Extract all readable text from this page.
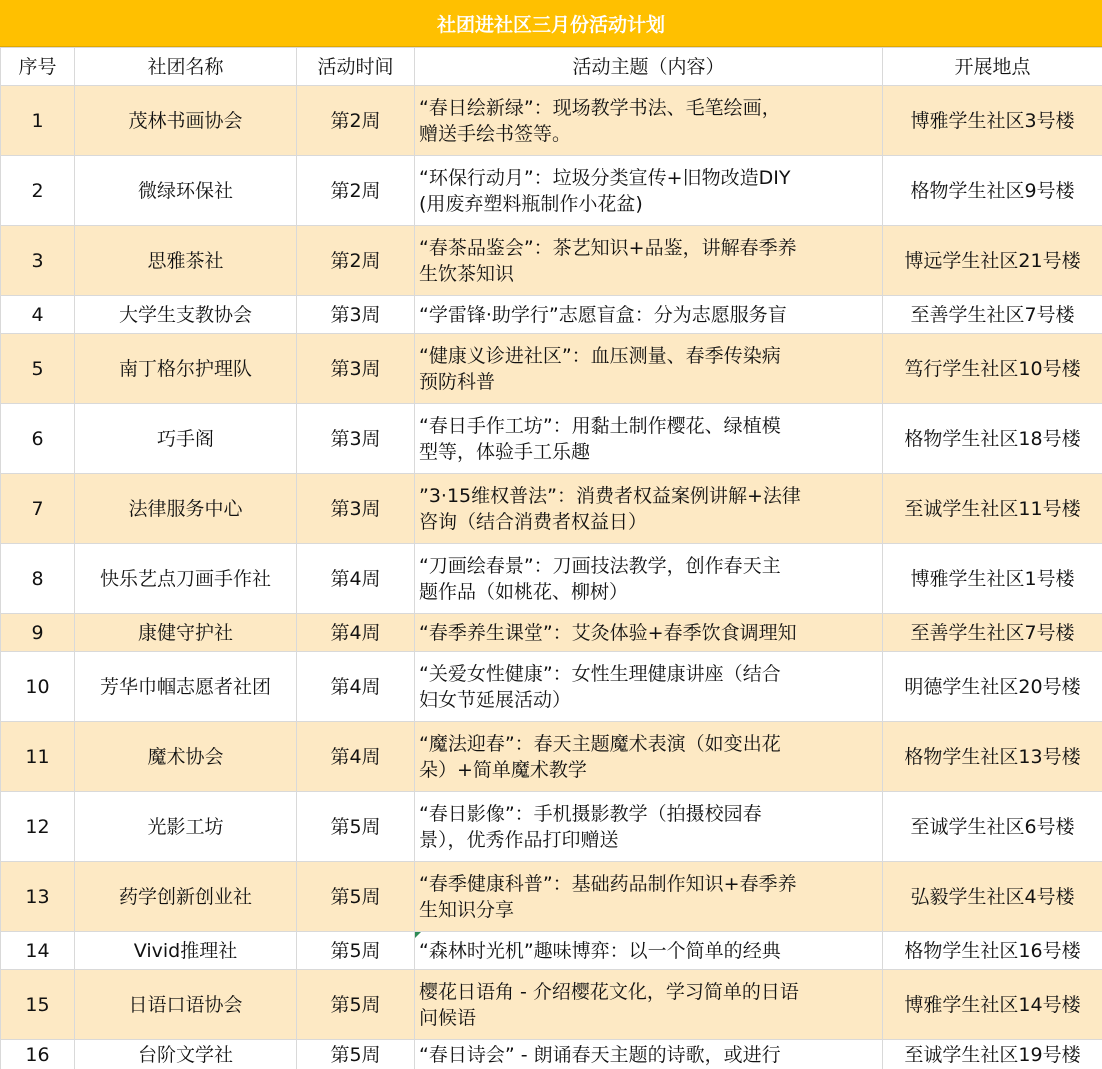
社团进社区三月份活动计划
序号	社团名称	活动时间	活动主题（内容）	开展地点
1	茂林书画协会	第2周	“春日绘新绿”：现场教学书法、毛笔绘画，
赠送手绘书签等。	博雅学生社区3号楼
2	微绿环保社	第2周	“环保行动月”：垃圾分类宣传+旧物改造DIY
(用废弃塑料瓶制作小花盆)	格物学生社区9号楼
3	思雅茶社	第2周	“春茶品鉴会”：茶艺知识+品鉴，讲解春季养
生饮茶知识	博远学生社区21号楼
4	大学生支教协会	第3周	“学雷锋·助学行”志愿盲盒：分为志愿服务盲	至善学生社区7号楼
5	南丁格尔护理队	第3周	“健康义诊进社区”：血压测量、春季传染病
预防科普	笃行学生社区10号楼
6	巧手阁	第3周	“春日手作工坊”：用黏土制作樱花、绿植模
型等，体验手工乐趣	格物学生社区18号楼
7	法律服务中心	第3周	”3·15维权普法”：消费者权益案例讲解+法律
咨询（结合消费者权益日）	至诚学生社区11号楼
8	快乐艺点刀画手作社	第4周	“刀画绘春景”：刀画技法教学，创作春天主
题作品（如桃花、柳树）	博雅学生社区1号楼
9	康健守护社	第4周	“春季养生课堂”：艾灸体验+春季饮食调理知	至善学生社区7号楼
10	芳华巾帼志愿者社团	第4周	“关爱女性健康”：女性生理健康讲座（结合
妇女节延展活动）	明德学生社区20号楼
11	魔术协会	第4周	“魔法迎春”：春天主题魔术表演（如变出花
朵）+简单魔术教学	格物学生社区13号楼
12	光影工坊	第5周	“春日影像”：手机摄影教学（拍摄校园春
景），优秀作品打印赠送	至诚学生社区6号楼
13	药学创新创业社	第5周	“春季健康科普”：基础药品制作知识+春季养
生知识分享	弘毅学生社区4号楼
14	Vivid推理社	第5周	“森林时光机”趣味博弈：以一个简单的经典	格物学生社区16号楼
15	日语口语协会	第5周	樱花日语角 - 介绍樱花文化，学习简单的日语
问候语	博雅学生社区14号楼
16	台阶文学社	第5周	“春日诗会” - 朗诵春天主题的诗歌，或进行	至诚学生社区19号楼
